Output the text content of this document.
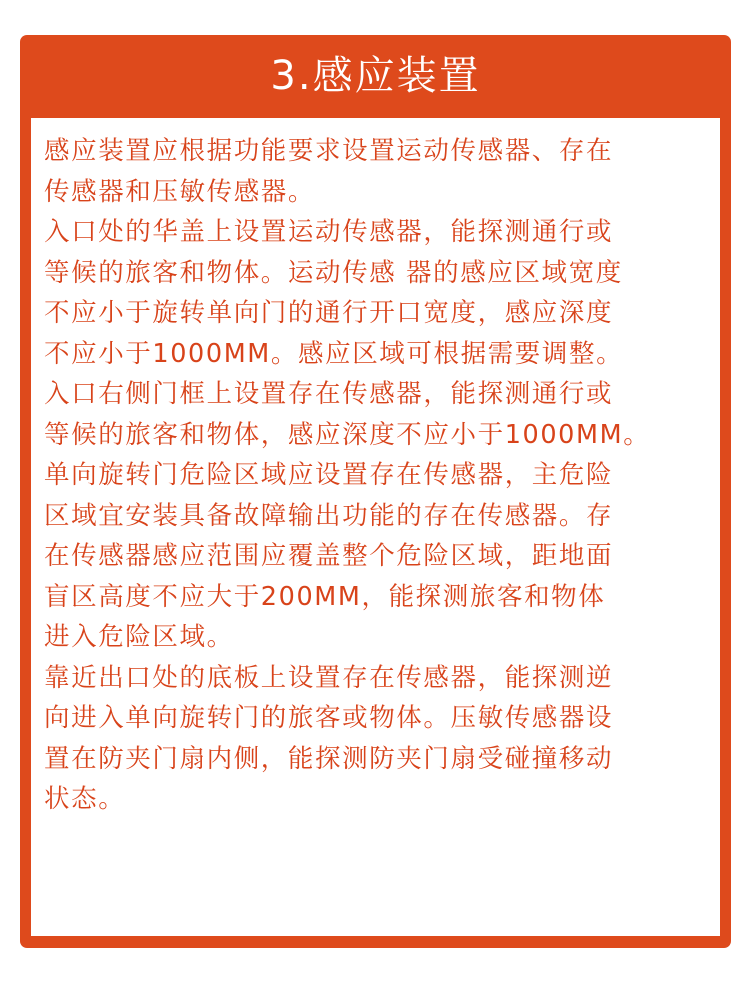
3.感应装置

感应装置应根据功能要求设置运动传感器、存在
传感器和压敏传感器。

入口处的华盖上设置运动传感器，能探测通行或
等候的旅客和物体。运动传感 器的感应区域宽度
不应小于旋转单向门的通行开口宽度，感应深度
不应小于1000MM。感应区域可根据需要调整。

入口右侧门框上设置存在传感器，能探测通行或
等候的旅客和物体，感应深度不应小于1000MM。

单向旋转门危险区域应设置存在传感器，主危险
区域宜安装具备故障输出功能的存在传感器。存
在传感器感应范围应覆盖整个危险区域，距地面
盲区高度不应大于200MM，能探测旅客和物体
进入危险区域。

靠近出口处的底板上设置存在传感器，能探测逆
向进入单向旋转门的旅客或物体。压敏传感器设
置在防夹门扇内侧，能探测防夹门扇受碰撞移动
状态。
